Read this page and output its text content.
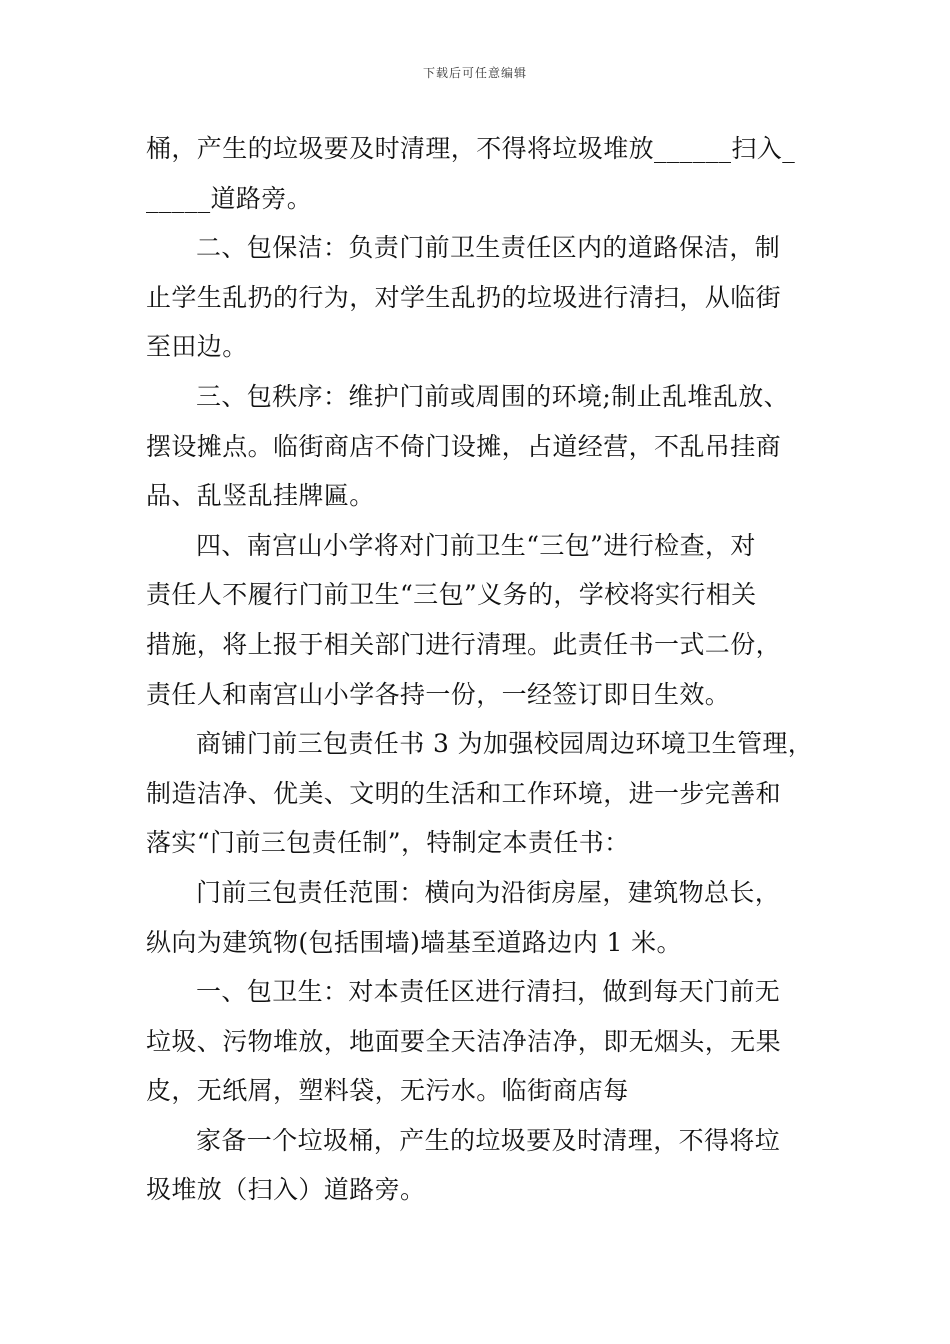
下载后可任意编辑
桶，产生的垃圾要及时清理，不得将垃圾堆放______扫入_
_____道路旁。
二、包保洁：负责门前卫生责任区内的道路保洁，制
止学生乱扔的行为，对学生乱扔的垃圾进行清扫，从临街
至田边。
三、包秩序：维护门前或周围的环境;制止乱堆乱放、
摆设摊点。临街商店不倚门设摊，占道经营，不乱吊挂商
品、乱竖乱挂牌匾。
四、南宫山小学将对门前卫生“三包”进行检查，对
责任人不履行门前卫生“三包”义务的，学校将实行相关
措施，将上报于相关部门进行清理。此责任书一式二份，
责任人和南宫山小学各持一份，一经签订即日生效。
商铺门前三包责任书 3 为加强校园周边环境卫生管理，
制造洁净、优美、文明的生活和工作环境，进一步完善和
落实“门前三包责任制”，特制定本责任书：
门前三包责任范围：横向为沿街房屋，建筑物总长，
纵向为建筑物(包括围墙)墙基至道路边内 1 米。
一、包卫生：对本责任区进行清扫，做到每天门前无
垃圾、污物堆放，地面要全天洁净洁净，即无烟头，无果
皮，无纸屑，塑料袋，无污水。临街商店每
家备一个垃圾桶，产生的垃圾要及时清理，不得将垃
圾堆放（扫入）道路旁。
